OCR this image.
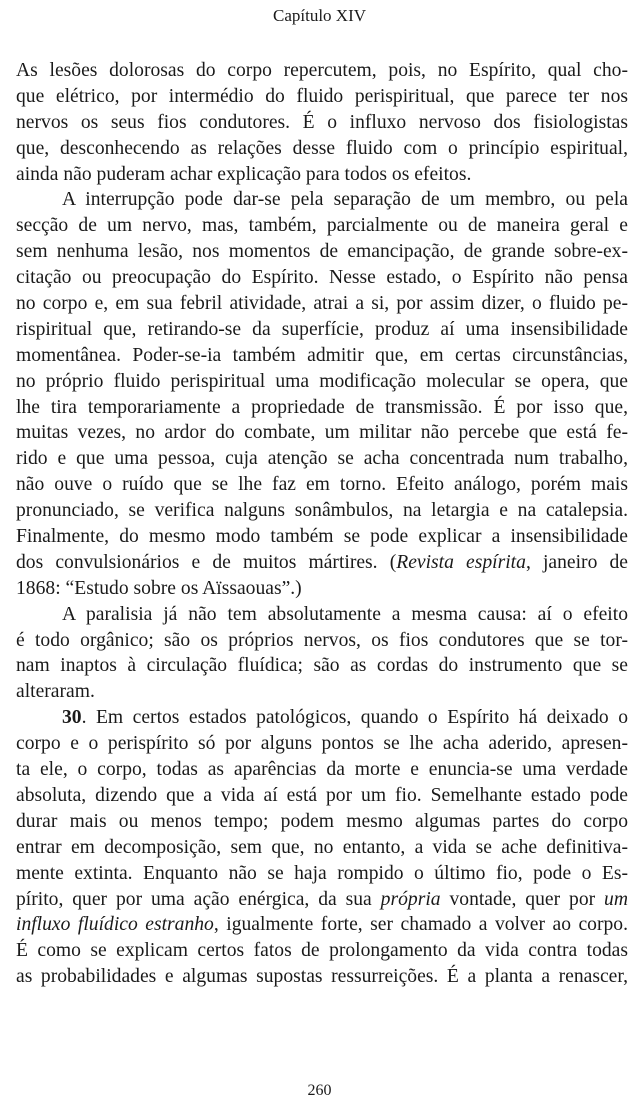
Capítulo XIV
As lesões dolorosas do corpo repercutem, pois, no Espírito, qual cho-
que elétrico, por intermédio do fluido perispiritual, que parece ter nos
nervos os seus fios condutores. É o influxo nervoso dos fisiologistas
que, desconhecendo as relações desse fluido com o princípio espiritual,
ainda não puderam achar explicação para todos os efeitos.
A interrupção pode dar-se pela separação de um membro, ou pela
secção de um nervo, mas, também, parcialmente ou de maneira geral e
sem nenhuma lesão, nos momentos de emancipação, de grande sobre-ex-
citação ou preocupação do Espírito. Nesse estado, o Espírito não pensa
no corpo e, em sua febril atividade, atrai a si, por assim dizer, o fluido pe-
rispiritual que, retirando-se da superfície, produz aí uma insensibilidade
momentânea. Poder-se-ia também admitir que, em certas circunstâncias,
no próprio fluido perispiritual uma modificação molecular se opera, que
lhe tira temporariamente a propriedade de transmissão. É por isso que,
muitas vezes, no ardor do combate, um militar não percebe que está fe-
rido e que uma pessoa, cuja atenção se acha concentrada num trabalho,
não ouve o ruído que se lhe faz em torno. Efeito análogo, porém mais
pronunciado, se verifica nalguns sonâmbulos, na letargia e na catalepsia.
Finalmente, do mesmo modo também se pode explicar a insensibilidade
dos convulsionários e de muitos mártires. (Revista espírita, janeiro de
1868: “Estudo sobre os Aïssaouas”.)
A paralisia já não tem absolutamente a mesma causa: aí o efeito
é todo orgânico; são os próprios nervos, os fios condutores que se tor-
nam inaptos à circulação fluídica; são as cordas do instrumento que se
alteraram.
30. Em certos estados patológicos, quando o Espírito há deixado o
corpo e o perispírito só por alguns pontos se lhe acha aderido, apresen-
ta ele, o corpo, todas as aparências da morte e enuncia-se uma verdade
absoluta, dizendo que a vida aí está por um fio. Semelhante estado pode
durar mais ou menos tempo; podem mesmo algumas partes do corpo
entrar em decomposição, sem que, no entanto, a vida se ache definitiva-
mente extinta. Enquanto não se haja rompido o último fio, pode o Es-
pírito, quer por uma ação enérgica, da sua própria vontade, quer por um
influxo fluídico estranho, igualmente forte, ser chamado a volver ao corpo.
É como se explicam certos fatos de prolongamento da vida contra todas
as probabilidades e algumas supostas ressurreições. É a planta a renascer,
260
